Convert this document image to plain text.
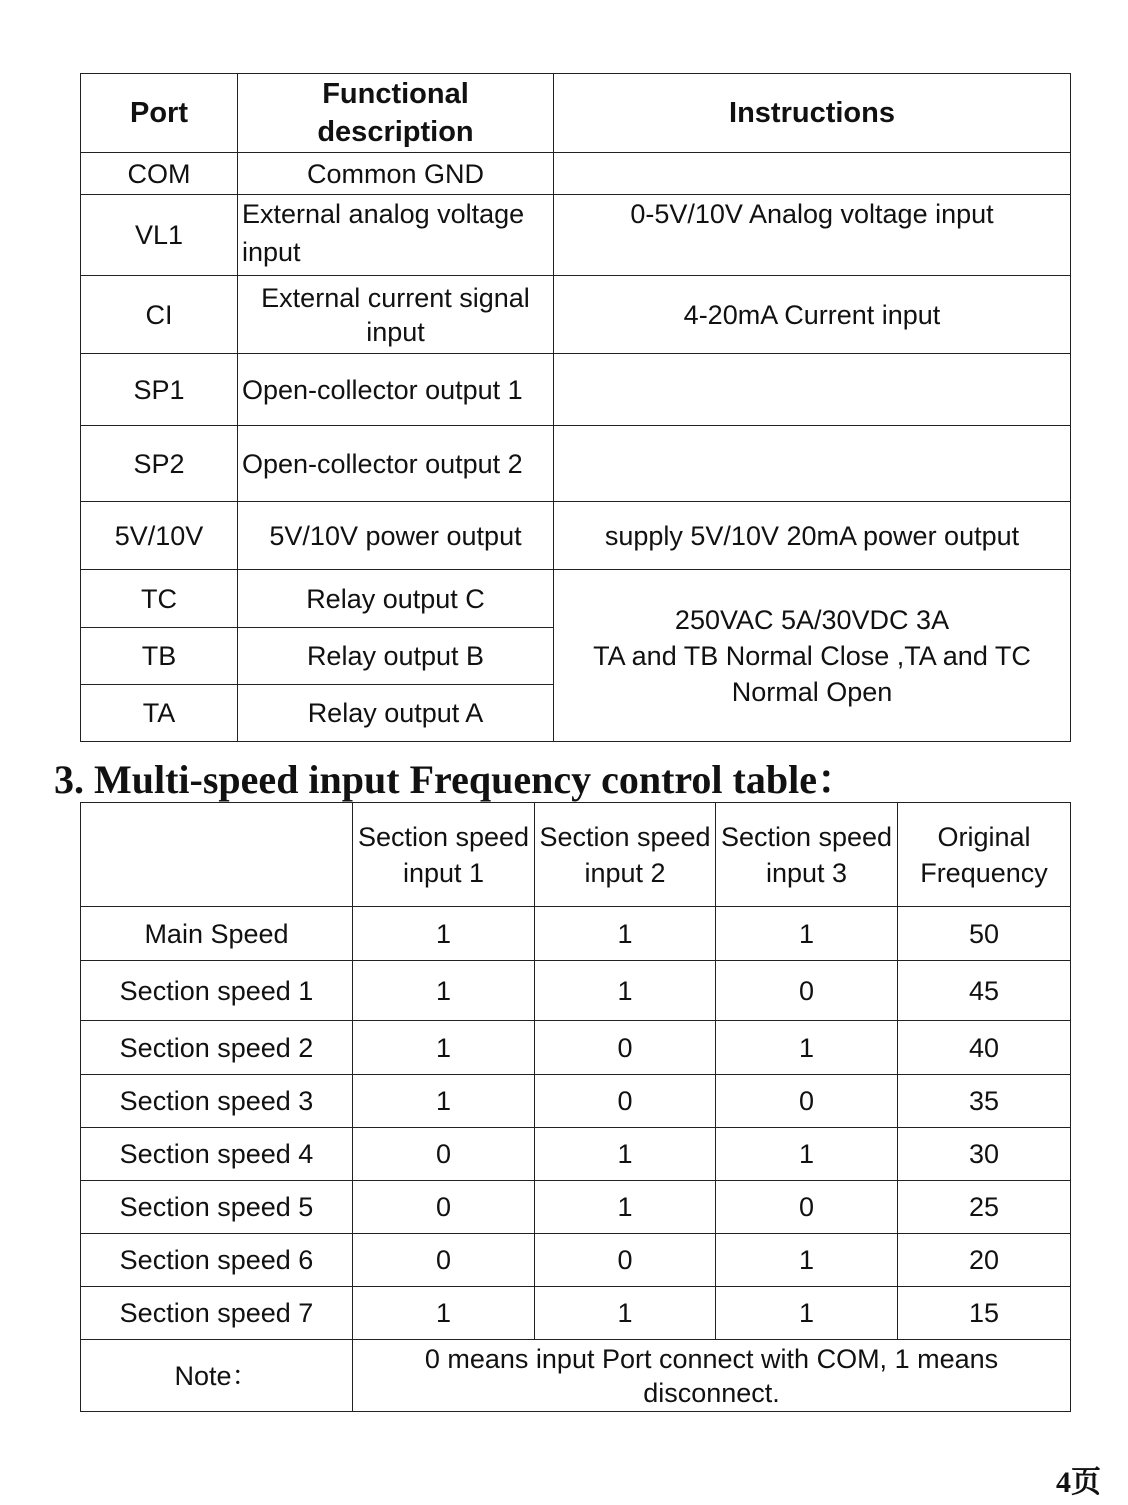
Port	Functional description	Instructions
COM	Common GND	
VL1	External analog voltage input	0-5V/10V Analog voltage input
CI	External current signal input	4-20mA Current input
SP1	Open-collector output 1	
SP2	Open-collector output 2	
5V/10V	5V/10V power output	supply 5V/10V 20mA power output
TC	Relay output C	250VAC 5A/30VDC 3A
TA and TB Normal Close ,TA and TC Normal Open

TB	Relay output B	
TA	Relay output A	
3. Multi-speed input Frequency control table：
	Section speed input 1	Section speed input 2	Section speed input 3	Original Frequency
Main Speed	1	1	1	50
Section speed 1	1	1	0	45
Section speed 2	1	0	1	40
Section speed 3	1	0	0	35
Section speed 4	0	1	1	30
Section speed 5	0	1	0	25
Section speed 6	0	0	1	20
Section speed 7	1	1	1	15
Note：	0 means input Port connect with COM, 1 means disconnect.			
4页
